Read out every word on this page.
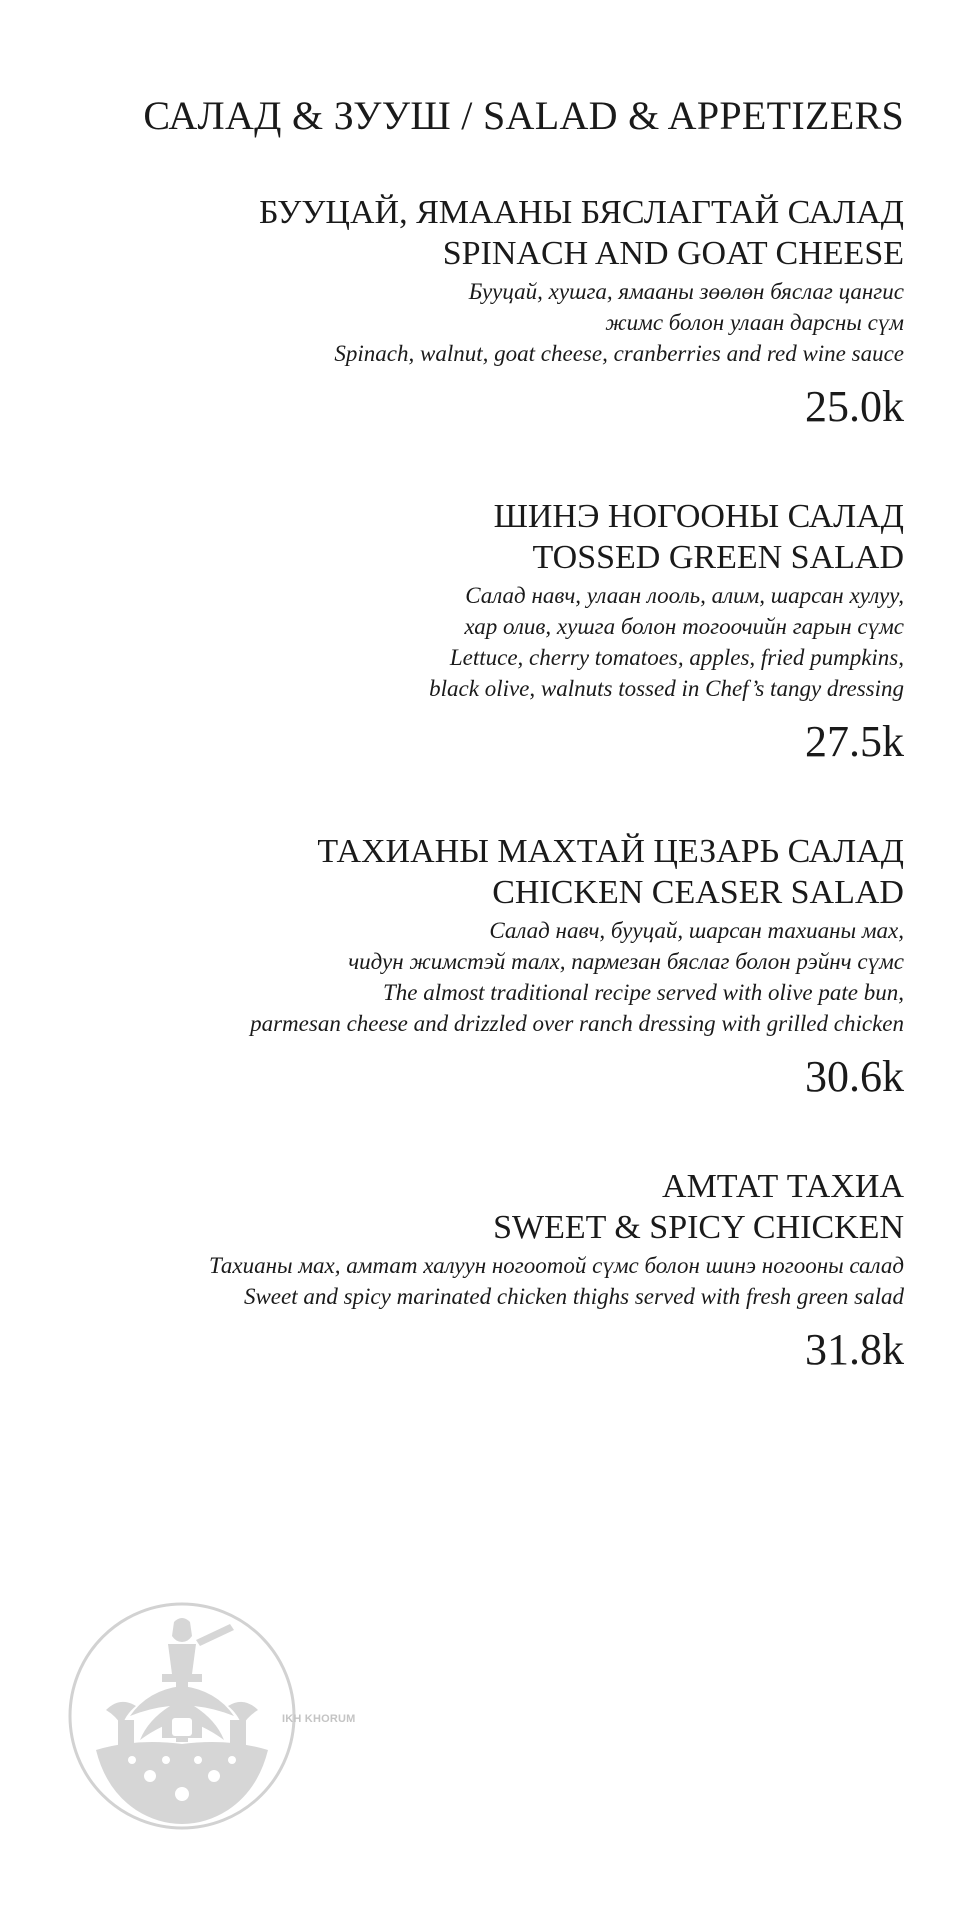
САЛАД & ЗУУШ / SALAD & APPETIZERS
БУУЦАЙ, ЯМААНЫ БЯСЛАГТАЙ САЛАД
SPINACH AND GOAT CHEESE
Бууцай, хушга, ямааны зөөлөн бяслаг цангис
жимс болон улаан дарсны сүм
Spinach, walnut, goat cheese, cranberries and red wine sauce
25.0k
ШИНЭ НОГООНЫ САЛАД
TOSSED GREEN SALAD
Салад навч, улаан лооль, алим, шарсан хулуу,
хар олив, хушга болон тогоочийн гарын сүмс
Lettuce, cherry tomatoes, apples, fried pumpkins,
black olive, walnuts tossed in Chef’s tangy dressing
27.5k
ТАХИАНЫ МАХТАЙ ЦЕЗАРЬ САЛАД
CHICKEN CEASER SALAD
Салад навч, бууцай, шарсан тахианы мах,
чидун жимстэй талх, пармезан бяслаг болон рэйнч сүмс
The almost traditional recipe served with olive pate bun,
parmesan cheese and drizzled over ranch dressing with grilled chicken
30.6k
АМТАТ ТАХИА
SWEET & SPICY CHICKEN
Тахианы мах, амтат халуун ногоотой сүмс болон шинэ ногооны салад
Sweet and spicy marinated chicken thighs served with fresh green salad
31.8k
IKH KHORUM
